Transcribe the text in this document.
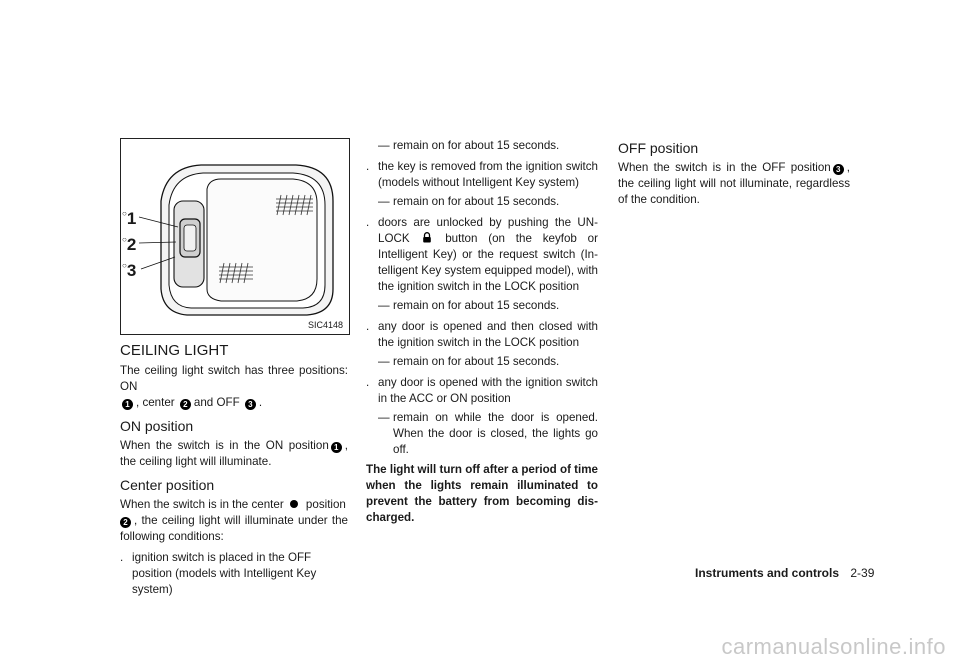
○1
○2
○3
SIC4148
CEILING LIGHT

The ceiling light switch has three positions: ON
1 , center 2 and OFF 3 .

ON position

When the switch is in the ON position 1 , the ceiling light will illuminate.

Center position

When the switch is in the center position
2 , the ceiling light will illuminate under the following conditions:

. ignition switch is placed in the OFF position (models with Intelligent Key system)

— remain on for about 15 seconds.

. the key is removed from the ignition switch (models without Intelligent Key system)

— remain on for about 15 seconds.

. doors are unlocked by pushing the UN-LOCK	button (on the keyfob or Intelligent Key) or the request switch (In-telligent Key system equipped model), with the ignition switch in the LOCK position

— remain on for about 15 seconds.

. any door is opened and then closed with the ignition switch in the LOCK position

— remain on for about 15 seconds.

. any door is opened with the ignition switch in the ACC or ON position

— remain on while the door is opened. When the door is closed, the lights go off.

The light will turn off after a period of time when the lights remain illuminated to prevent the battery from becoming dis-charged.

OFF position

When the switch is in the OFF position 3 , the ceiling light will not illuminate, regardless of the condition.

Instruments and controls 2-39
carmanualsonline.info
